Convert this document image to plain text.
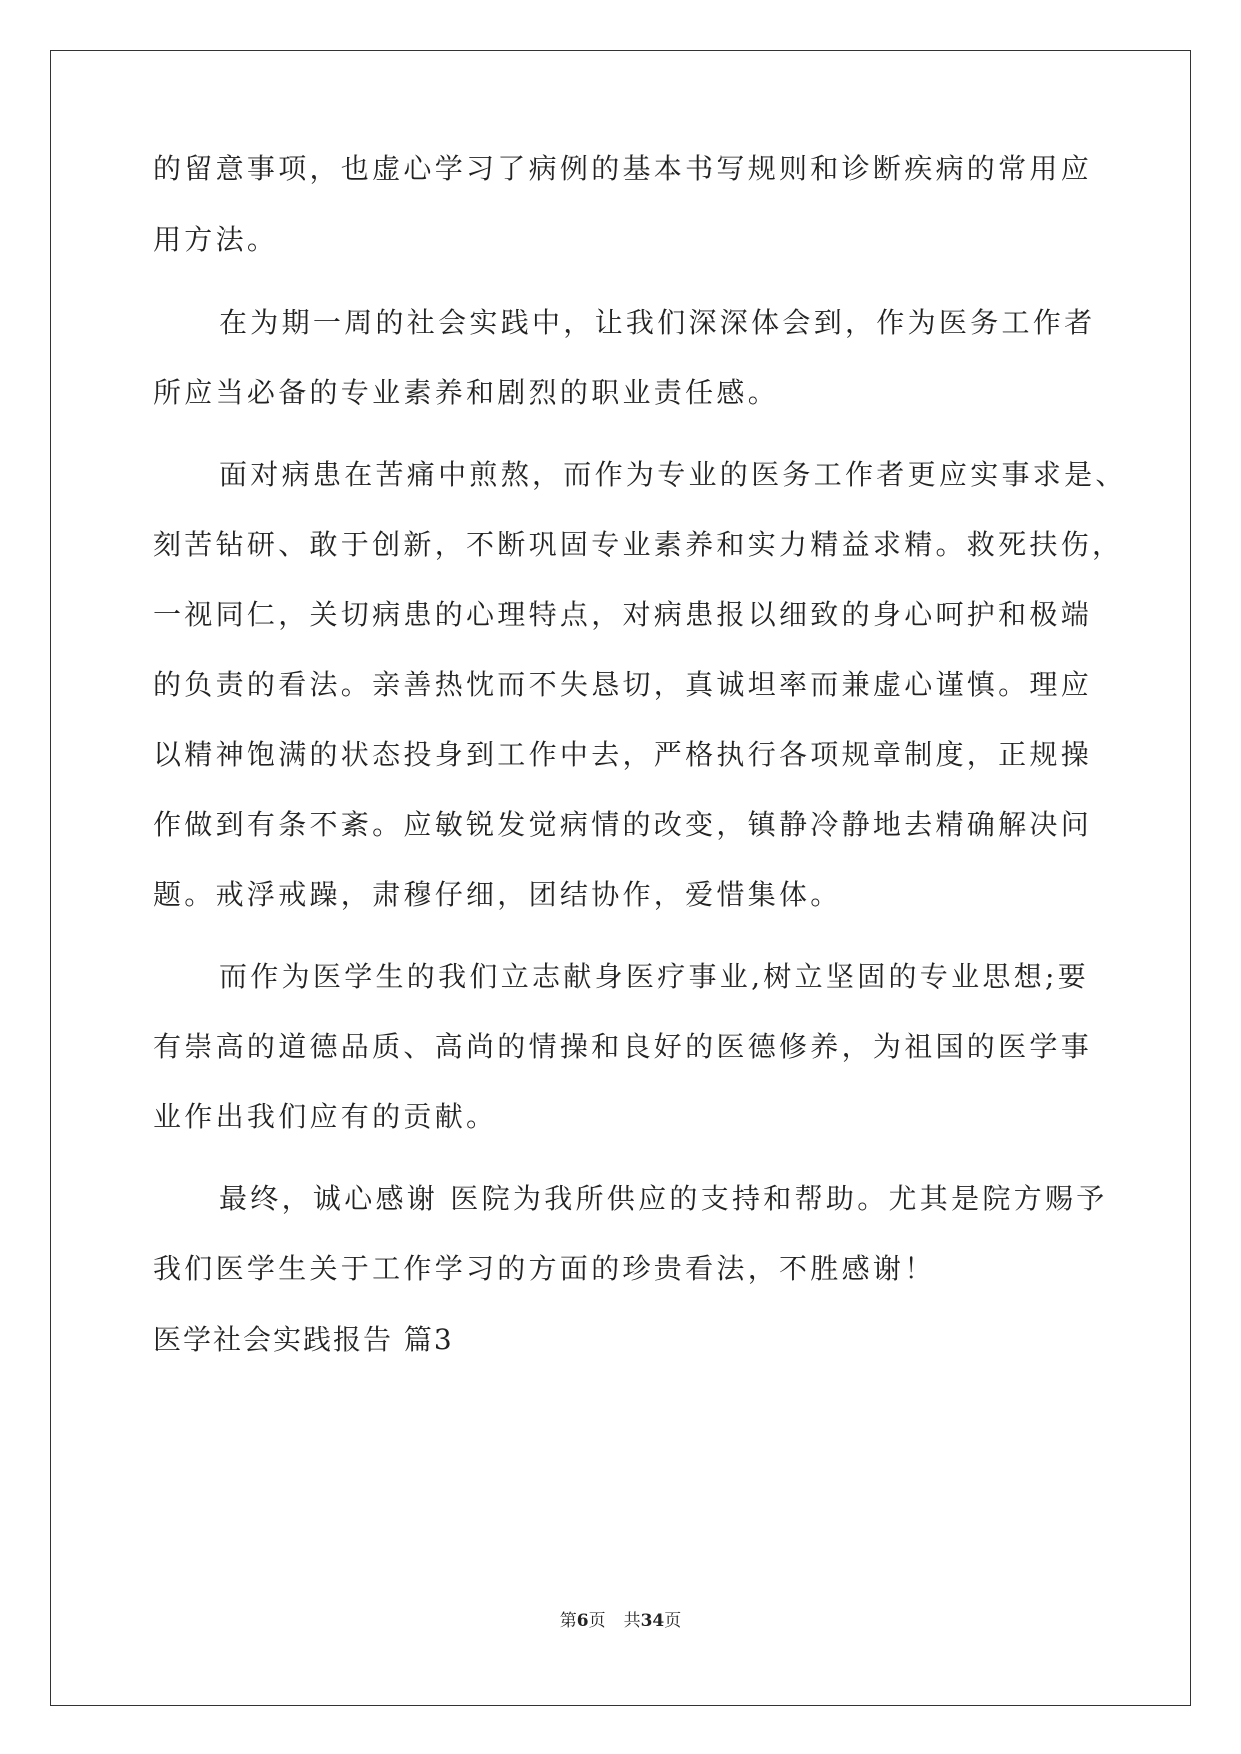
的留意事项，也虚心学习了病例的基本书写规则和诊断疾病的常用应
用方法。
在为期一周的社会实践中，让我们深深体会到，作为医务工作者
所应当必备的专业素养和剧烈的职业责任感。
面对病患在苦痛中煎熬，而作为专业的医务工作者更应实事求是、
刻苦钻研、敢于创新，不断巩固专业素养和实力精益求精。救死扶伤，
一视同仁，关切病患的心理特点，对病患报以细致的身心呵护和极端
的负责的看法。亲善热忱而不失恳切，真诚坦率而兼虚心谨慎。理应
以精神饱满的状态投身到工作中去，严格执行各项规章制度，正规操
作做到有条不紊。应敏锐发觉病情的改变，镇静冷静地去精确解决问
题。戒浮戒躁，肃穆仔细，团结协作，爱惜集体。
而作为医学生的我们立志献身医疗事业,树立坚固的专业思想;要
有崇高的道德品质、高尚的情操和良好的医德修养，为祖国的医学事
业作出我们应有的贡献。
最终，诚心感谢 医院为我所供应的支持和帮助。尤其是院方赐予
我们医学生关于工作学习的方面的珍贵看法，不胜感谢！
医学社会实践报告 篇3
第6页 共34页
